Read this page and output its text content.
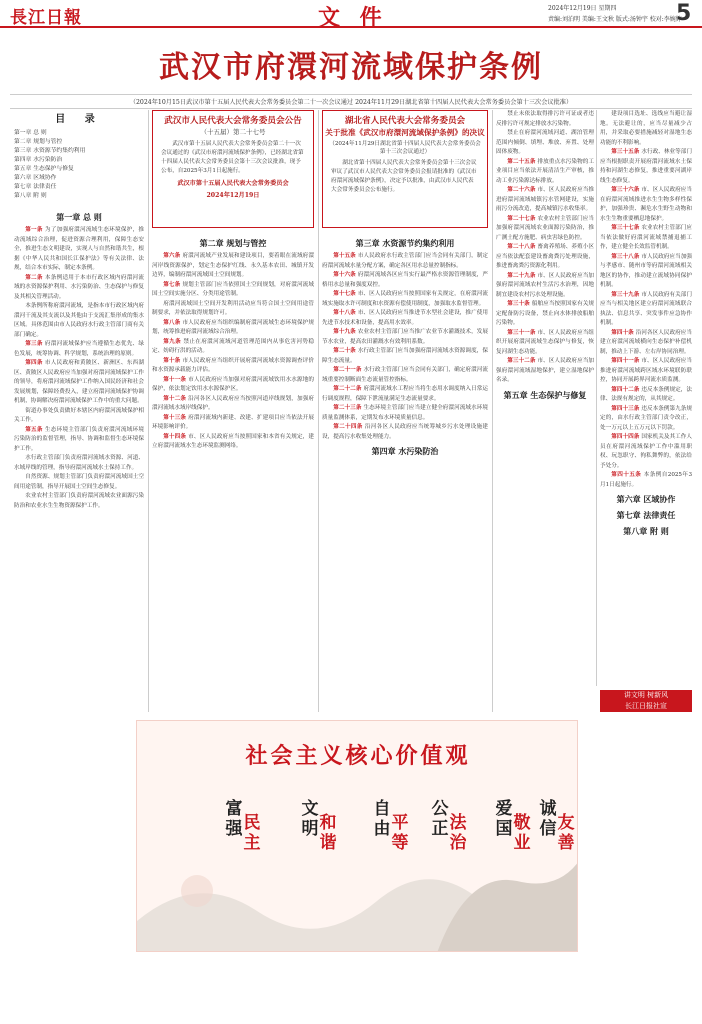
長江日報	文 件	2024年12月19日 星期四
责编:刘泊明 美编:王文秋 版式:汤钟宇 校对:李婉婷
5
武汉市府澴河流域保护条例
（2024年10月15日武汉市第十五届人民代表大会常务委员会第二十一次会议通过 2024年11月29日湖北省第十四届人民代表大会常务委员会第十三次会议批准）
目 录
第一章 总 则
第二章 规划与管控
第三章 水资源节约集约利用
第四章 水污染防治
第五章 生态保护与修复
第六章 区域协作
第七章 法律责任
第八章 附 则
武汉市人民代表大会常务委员会公告
（十五届）第二十七号
武汉市第十五届人民代表大会常务委员会第二十一次会议通过的《武汉市府澴河流域保护条例》，已经湖北省第十四届人民代表大会常务委员会第十三次会议批准，现予公布，自2025年3月1日起施行。
武汉市第十五届人民代表大会常务委员会
2024年12月19日
湖北省人民代表大会常务委员会
关于批准《武汉市府澴河流域保护条例》的决议
（2024年11月29日湖北省第十四届人民代表大会常务委员会第十三次会议通过）
湖北省第十四届人民代表大会常务委员会第十三次会议审议了武汉市人民代表大会常务委员会报请批准的《武汉市府澴河流域保护条例》，决定予以批准，由武汉市人民代表大会常务委员会公布施行。
第一章 总 则

第一条 为了加强府澴河流域生态环境保护，推动流域综合治理，促进资源合理利用，保障生态安全，推进生态文明建设，实现人与自然和谐共生，根据《中华人民共和国长江保护法》等有关法律、法规，结合本市实际，制定本条例。

第二条 本条例适用于本市行政区域内府澴河流域的水资源保护利用、水污染防治、生态保护与修复及其相关管理活动。

本条例所称府澴河流域，是指本市行政区域内府澴河干流及其支流以及其他由于支流汇集形成的集水区域。具体范围由市人民政府水行政主管部门商有关部门确定。

第三条 府澴河流域保护应当遵循生态优先、绿色发展，统筹协调、科学规划，系统治理的原则。

第四条 市人民政府和黄陂区、新洲区、东西湖区、黄陂区人民政府应当加强对府澴河流域保护工作的领导，将府澴河流域保护工作纳入国民经济和社会发展规划，保障经费投入，建立府澴河流域保护协调机制，协调解决府澴河流域保护工作中的重大问题。

街道办事处负责做好本辖区内府澴河流域保护相关工作。

第五条 生态环境主管部门负责府澴河流域环境污染防治的监督管理，指导、协调和监督生态环境保护工作。

水行政主管部门负责府澴河流域水资源、河道、水域岸线的管理，指导府澴河流域水土保持工作。

自然资源、规划主管部门负责府澴河流域国土空间用途管制，指导开展国土空间生态修复。

农业农村主管部门负责府澴河流域农业面源污染防治和农业水生生物资源保护工作。

第二章 规划与管控

第六条 府澴河流域产业发展和建设项目，要着眼在流域府澴河岸线资源保护，划定生态保护红线、永久基本农田、城镇开发边界，编制府澴河流域国土空间规划。

第七条 规划主管部门应当依照国土空间规划，对府澴河流域国土空间实施分区、分类用途管制。

府澴河流域国土空间开发利用活动应当符合国土空间用途管制要求，并依法取得规划许可。

第八条 市人民政府应当组织编制府澴河流域生态环境保护规划，统筹推进府澴河流域综合治理。

第九条 禁止在府澴河流域河道管理范围内从事危害河势稳定、妨碍行洪的活动。

第十条 市人民政府应当组织开展府澴河流域水资源调查评价和水资源承载能力评估。

第十一条 市人民政府应当加强对府澴河流域饮用水水源地的保护，依法划定饮用水水源保护区。

第十二条 沿河各区人民政府应当按照河道岸线规划，加强府澴河流域水域岸线保护。

第十三条 府澴河流域内新建、改建、扩建项目应当依法开展环境影响评价。

第十四条 市、区人民政府应当按照国家和本省有关规定，建立府澴河流域水生态环境监测网络。

第三章 水资源节约集约利用

第十五条 市人民政府水行政主管部门应当会同有关部门，制定府澴河流域水量分配方案，确定各区用水总量控制指标。

第十六条 府澴河流域各区应当实行最严格水资源管理制度，严格用水总量和强度双控。

第十七条 市、区人民政府应当按照国家有关规定，在府澴河流域实施取水许可制度和水资源有偿使用制度，加强取水监督管理。

第十八条 市、区人民政府应当推进节水型社会建设，推广使用先进节水技术和设备，提高用水效率。

第十九条 农业农村主管部门应当推广农业节水灌溉技术，发展节水农业，提高农田灌溉水有效利用系数。

第二十条 水行政主管部门应当加强府澴河流域水资源调度，保障生态流量。

第二十一条 水行政主管部门应当会同有关部门，确定府澴河流域重要控制断面生态流量管控指标。

第二十二条 府澴河流域水工程应当将生态用水调度纳入日常运行调度规程，保障下泄流量满足生态流量要求。

第二十三条 生态环境主管部门应当建立健全府澴河流域水环境质量监测体系，定期发布水环境质量信息。

第二十四条 沿河各区人民政府应当统筹城乡污水处理设施建设，提高污水收集处理能力。

第四章 水污染防治

禁止未依法取得排污许可证或者违反排污许可规定排放水污染物。

禁止在府澴河流域河道、湖泊管理范围内倾倒、填埋、堆放、弃置、处理固体废物。

第二十五条 排放重点水污染物的工业项目应当依法开展清洁生产审核，推动工业污染源达标排放。

第二十六条 市、区人民政府应当推进府澴河流域城镇污水管网建设，实施雨污分流改造，提高城镇污水收集率。

第二十七条 农业农村主管部门应当加强府澴河流域农业面源污染防治，推广测土配方施肥、病虫害绿色防控。

第二十八条 畜禽养殖场、养殖小区应当依法配套建设畜禽粪污处理设施，推进畜禽粪污资源化利用。

第二十九条 市、区人民政府应当加强府澴河流域农村生活污水治理，因地制宜建设农村污水处理设施。

第三十条 船舶应当按照国家有关规定配备防污设备，禁止向水体排放船舶污染物。

第三十一条 市、区人民政府应当组织开展府澴河流域生态保护与修复，恢复河湖生态功能。

第三十二条 市、区人民政府应当加强府澴河流域湿地保护，建立湿地保护名录。

第五章 生态保护与修复

建设项目选址、选线应当避让湿地。无法避让的，应当尽量减少占用，并采取必要措施减轻对湿地生态功能的不利影响。

第三十五条 水行政、林业等部门应当根据职责开展府澴河流域水土保持和河湖生态修复，推进重要河湖岸线生态修复。

第三十六条 市、区人民政府应当在府澴河流域推进水生生物多样性保护，加强珍贵、濒危水生野生动物和水生生物重要栖息地保护。

第三十七条 农业农村主管部门应当依法做好府澴河流域禁捕退捕工作，建立健全长效监管机制。

第三十八条 市人民政府应当加强与孝感市、随州市等府澴河流域相关地区的协作，推动建立流域协同保护机制。

第三十九条 市人民政府有关部门应当与相关地区建立府澴河流域联合执法、信息共享、突发事件应急协作机制。

第四十条 沿河各区人民政府应当建立府澴河流域横向生态保护补偿机制，推动上下游、左右岸协同治理。

第四十一条 市、区人民政府应当推进府澴河流域跨区域水环境联防联控，协同开展跨界河流水质监测。

第四十二条 违反本条例规定，法律、法规有规定的，从其规定。

第四十三条 违反本条例第九条规定的，由水行政主管部门责令改正，处一万元以上五万元以下罚款。

第四十四条 国家机关及其工作人员在府澴河流域保护工作中滥用职权、玩忽职守、徇私舞弊的，依法给予处分。

第四十五条 本条例自2025年3月1日起施行。

第六章 区域协作
第七章 法律责任
第八章 附 则
讲文明 树新风
长江日报社宣
社会主义核心价值观
富
强 民
主
文
明 和
谐
自
由 平
等
公
正 法
治
爱
国 敬
业
诚
信 友
善
